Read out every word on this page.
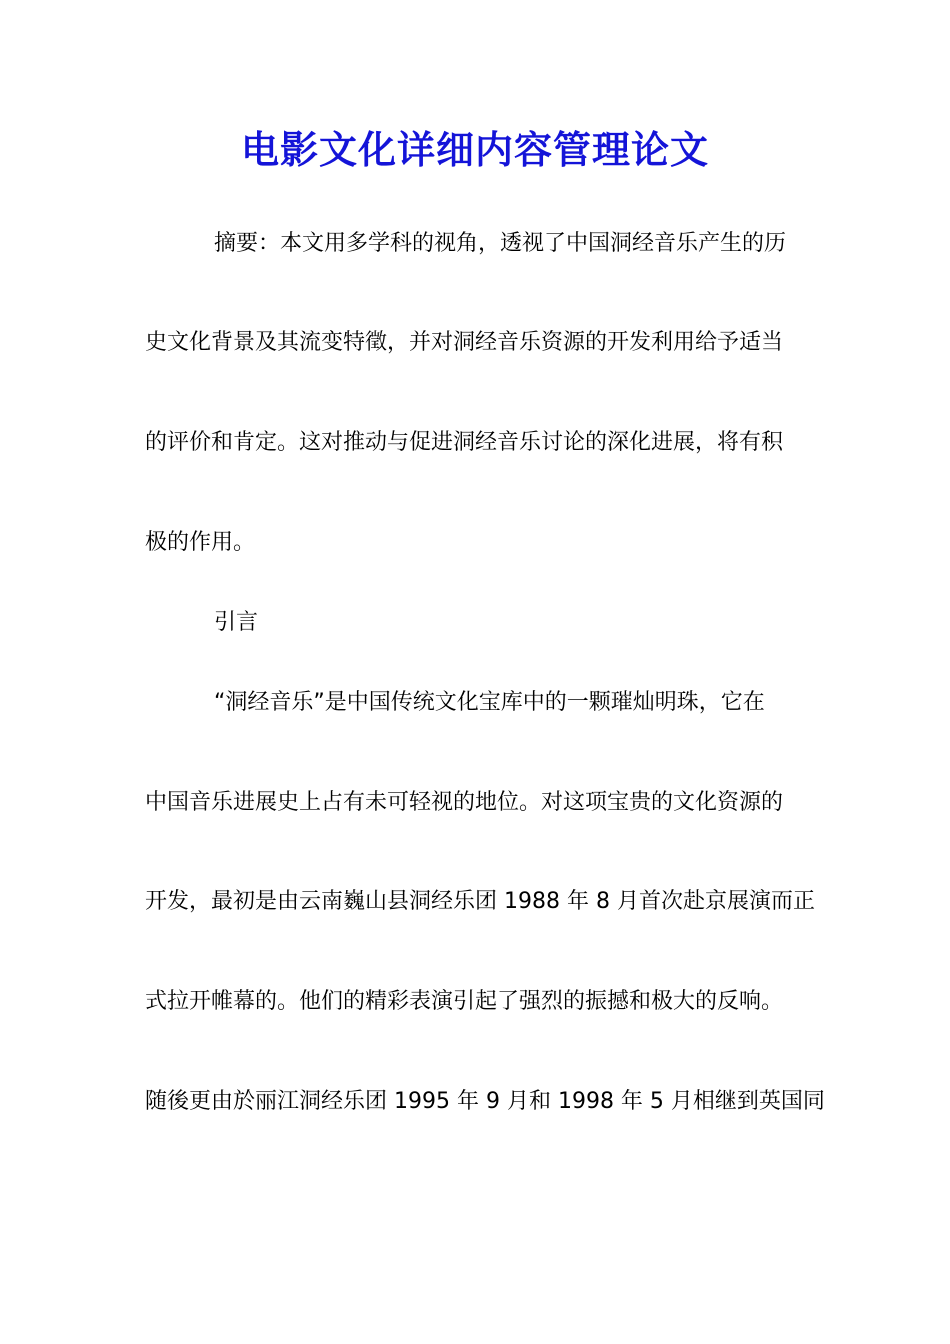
电影文化详细内容管理论文

摘要：本文用多学科的视角，透视了中国洞经音乐产生的历

史文化背景及其流变特徵，并对洞经音乐资源的开发利用给予适当

的评价和肯定。这对推动与促进洞经音乐讨论的深化进展，将有积

极的作用。

引言

“洞经音乐”是中国传统文化宝库中的一颗璀灿明珠，它在

中国音乐进展史上占有未可轻视的地位。对这项宝贵的文化资源的

开发，最初是由云南巍山县洞经乐团 1988 年 8 月首次赴京展演而正

式拉开帷幕的。他们的精彩表演引起了强烈的振撼和极大的反响。

随後更由於丽江洞经乐团 1995 年 9 月和 1998 年 5 月相继到英国同
